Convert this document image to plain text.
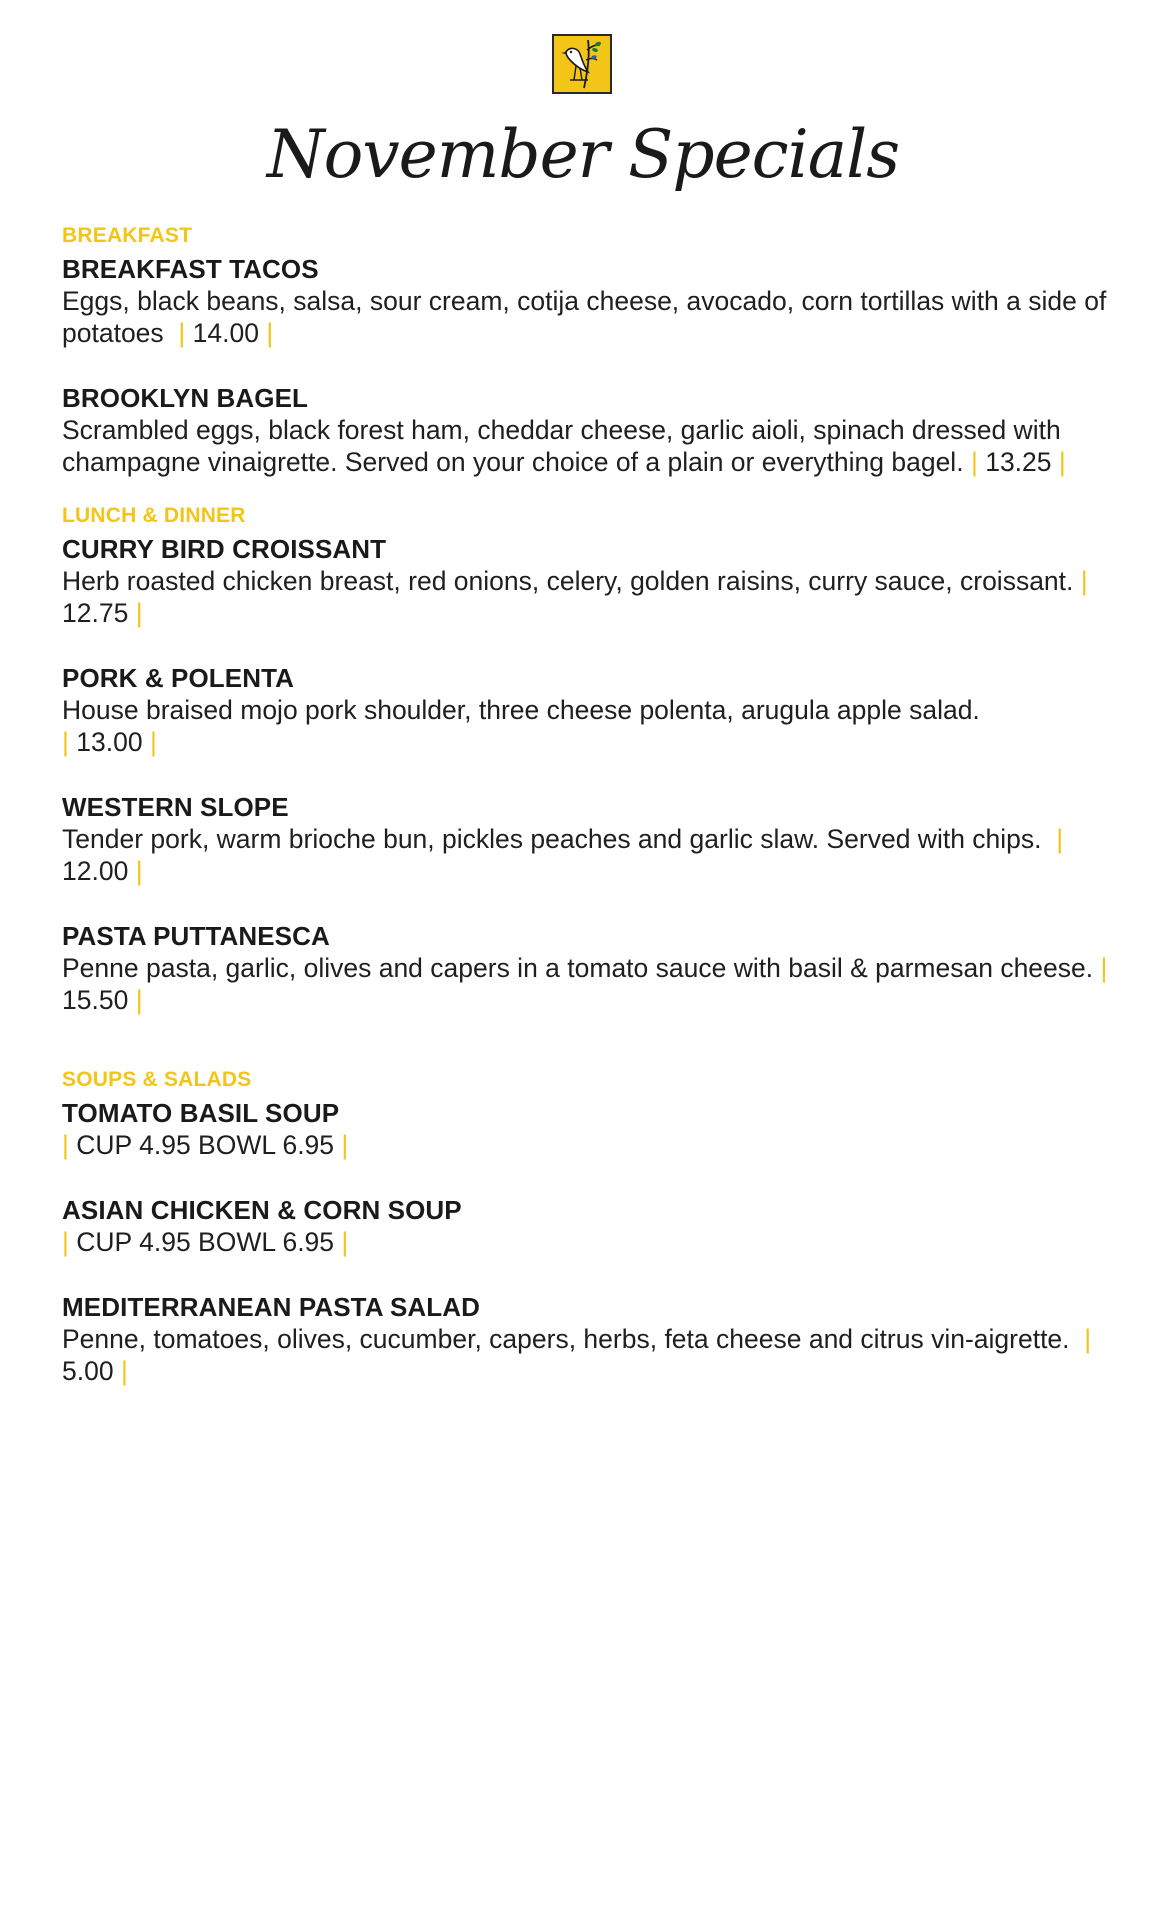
November Specials
BREAKFAST
BREAKFAST TACOS
Eggs, black beans, salsa, sour cream, cotija cheese, avocado, corn tortillas with a side of potatoes  | 14.00 |
BROOKLYN BAGEL
Scrambled eggs, black forest ham, cheddar cheese, garlic aioli, spinach dressed with champagne vinaigrette. Served on your choice of a plain or everything bagel. | 13.25 |
LUNCH & DINNER
CURRY BIRD CROISSANT
Herb roasted chicken breast, red onions, celery, golden raisins, curry sauce, croissant. | 12.75 |
PORK & POLENTA
House braised mojo pork shoulder, three cheese polenta, arugula apple salad.
| 13.00 |
WESTERN SLOPE
Tender pork, warm brioche bun, pickles peaches and garlic slaw. Served with chips.  | 12.00 |
PASTA PUTTANESCA
Penne pasta, garlic, olives and capers in a tomato sauce with basil & parmesan cheese. | 15.50 |
SOUPS & SALADS
TOMATO BASIL SOUP
| CUP 4.95 BOWL 6.95 |
ASIAN CHICKEN & CORN SOUP
| CUP 4.95 BOWL 6.95 |
MEDITERRANEAN PASTA SALAD
Penne, tomatoes, olives, cucumber, capers, herbs, feta cheese and citrus vin-aigrette.  | 5.00 |
